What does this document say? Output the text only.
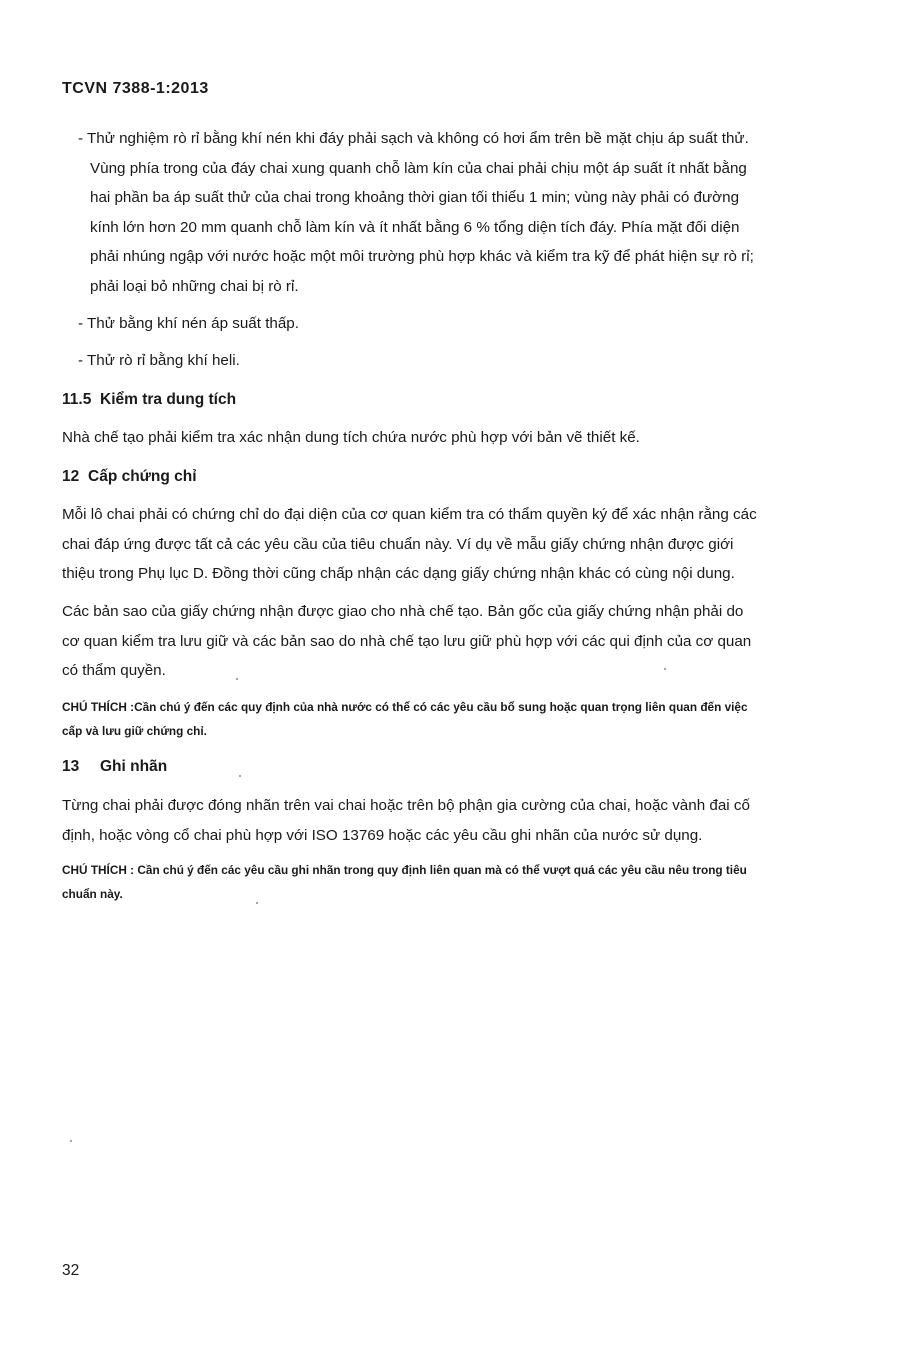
TCVN 7388-1:2013
- Thử nghiệm rò rỉ bằng khí nén khi đáy phải sạch và không có hơi ẩm trên bề mặt chịu áp suất thử.
Vùng phía trong của đáy chai xung quanh chỗ làm kín của chai phải chịu một áp suất ít nhất bằng
hai phần ba áp suất thử của chai trong khoảng thời gian tối thiểu 1 min; vùng này phải có đường
kính lớn hơn 20 mm quanh chỗ làm kín và ít nhất bằng 6 % tổng diện tích đáy. Phía mặt đối diện
phải nhúng ngập với nước hoặc một môi trường phù hợp khác và kiểm tra kỹ để phát hiện sự rò rỉ;
phải loại bỏ những chai bị rò rỉ.
- Thử bằng khí nén áp suất thấp.
- Thử rò rỉ bằng khí heli.
11.5 Kiểm tra dung tích
Nhà chế tạo phải kiểm tra xác nhận dung tích chứa nước phù hợp với bản vẽ thiết kế.
12 Cấp chứng chỉ
Mỗi lô chai phải có chứng chỉ do đại diện của cơ quan kiểm tra có thẩm quyền ký để xác nhận rằng các
chai đáp ứng được tất cả các yêu cầu của tiêu chuẩn này. Ví dụ về mẫu giấy chứng nhận được giới
thiệu trong Phụ lục D. Đồng thời cũng chấp nhận các dạng giấy chứng nhận khác có cùng nội dung.
Các bản sao của giấy chứng nhận được giao cho nhà chế tạo. Bản gốc của giấy chứng nhận phải do
cơ quan kiểm tra lưu giữ và các bản sao do nhà chế tạo lưu giữ phù hợp với các qui định của cơ quan
có thẩm quyền.
CHÚ THÍCH :Cần chú ý đến các quy định của nhà nước có thể có các yêu cầu bổ sung hoặc quan trọng liên quan đến việc
cấp và lưu giữ chứng chỉ.
13 Ghi nhãn
Từng chai phải được đóng nhãn trên vai chai hoặc trên bộ phận gia cường của chai, hoặc vành đai cố
định, hoặc vòng cổ chai phù hợp với ISO 13769 hoặc các yêu cầu ghi nhãn của nước sử dụng.
CHÚ THÍCH : Cần chú ý đến các yêu cầu ghi nhãn trong quy định liên quan mà có thể vượt quá các yêu cầu nêu trong tiêu
chuẩn này.
32
